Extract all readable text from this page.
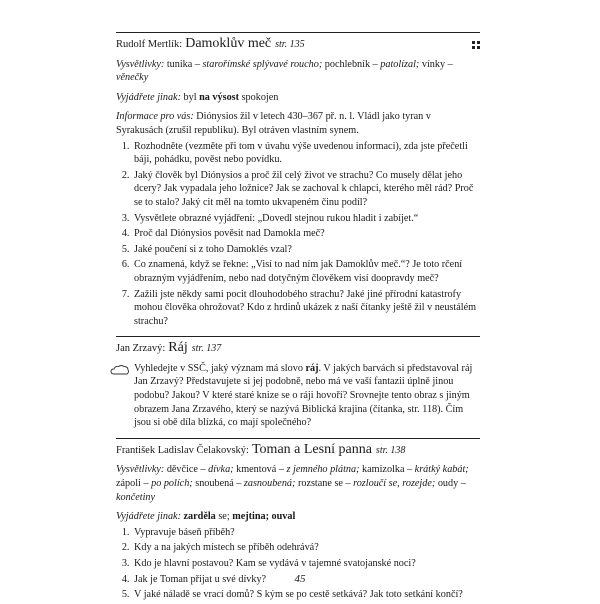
Rudolf Mertlík: Damoklův meč str. 135

Vysvětlivky: tunika – starořímské splývavé roucho; pochlebník – patolízal; vínky – věnečky

Vyjádřete jinak: byl na výsost spokojen

Informace pro vás: Diónysios žil v letech 430–367 př. n. l. Vládl jako tyran v Syrakusách (zrušil republiku). Byl otráven vlastním synem.

1. Rozhodněte (vezměte při tom v úvahu výše uvedenou informaci), zda jste přečetli báji, pohádku, pověst nebo povídku.
2. Jaký člověk byl Diónysios a proč žil celý život ve strachu? Co musely dělat jeho dcery? Jak vypadala jeho ložnice? Jak se zachoval k chlapci, kterého měl rád? Proč se to stalo? Jaký cit měl na tomto ukvapeném činu podíl?
3. Vysvětlete obrazné vyjádření: „Dovedl stejnou rukou hladit i zabíjet.“
4. Proč dal Diónysios pověsit nad Damokla meč?
5. Jaké poučení si z toho Damoklés vzal?
6. Co znamená, když se řekne: „Visí to nad ním jak Damoklův meč.“? Je toto rčení obrazným vyjádřením, nebo nad dotyčným člověkem visí doopravdy meč?
7. Zažili jste někdy sami pocit dlouhodobého strachu? Jaké jiné přírodní katastrofy mohou člověka ohrožovat? Kdo z hrdinů ukázek z naší čítanky ještě žil v neustálém strachu?
Jan Zrzavý: Ráj str. 137

Vyhledejte v SSČ, jaký význam má slovo ráj. V jakých barvách si představoval ráj Jan Zrzavý? Představujete si jej podobně, nebo má ve vaší fantazii úplně jinou podobu? Jakou? V které staré knize se o ráji hovoří? Srovnejte tento obraz s jiným obrazem Jana Zrzavého, který se nazývá Biblická krajina (čítanka, str. 118). Čím jsou si obě díla blízká, co mají společného?

František Ladislav Čelakovský: Toman a Lesní panna str. 138

Vysvětlivky: děvčice – dívka; kmentová – z jemného plátna; kamizolka – krátký kabát; zápoli – po polích; snoubená – zasnoubená; rozstane se – rozloučí se, rozejde; oudy – končetiny

Vyjádřete jinak: zarděla se; mejtina; ouval

1. Vypravuje báseň příběh?
2. Kdy a na jakých místech se příběh odehrává?
3. Kdo je hlavní postavou? Kam se vydává v tajemné svatojanské noci?
4. Jak je Toman přijat u své dívky?
5. V jaké náladě se vrací domů? S kým se po cestě setkává? Jak toto setkání končí?
45
